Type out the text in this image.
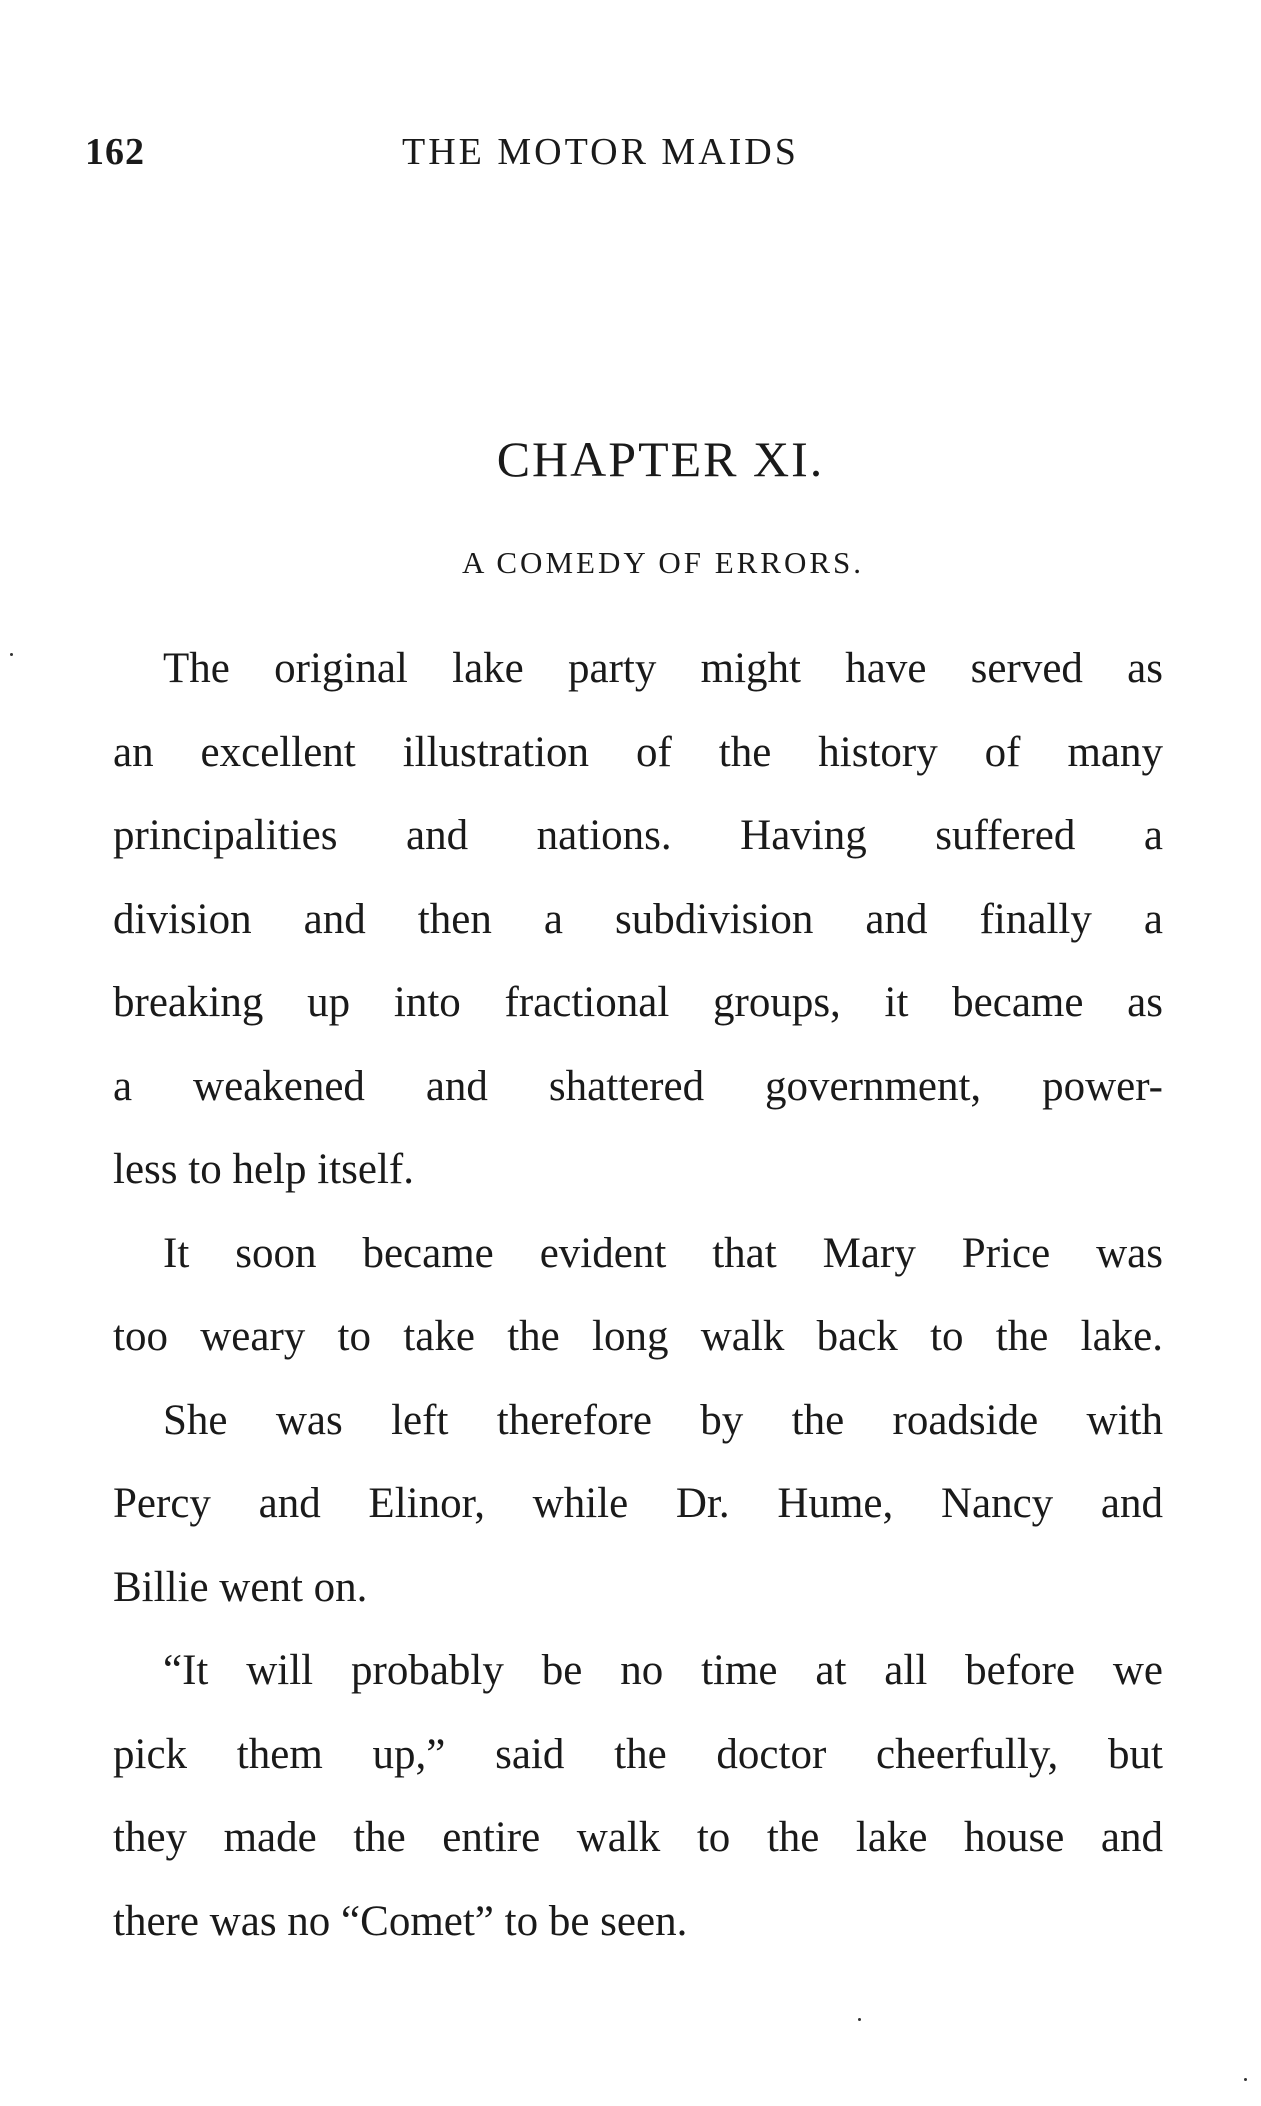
162	THE MOTOR MAIDS
CHAPTER XI.
A COMEDY OF ERRORS.
The original lake party might have served as
an excellent illustration of the history of many
principalities and nations. Having suffered a
division and then a subdivision and finally a
breaking up into fractional groups, it became as
a weakened and shattered government, power-
less to help itself.
It soon became evident that Mary Price was
too weary to take the long walk back to the lake.
She was left therefore by the roadside with
Percy and Elinor, while Dr. Hume, Nancy and
Billie went on.
“It will probably be no time at all before we
pick them up,” said the doctor cheerfully, but
they made the entire walk to the lake house and
there was no “Comet” to be seen.
